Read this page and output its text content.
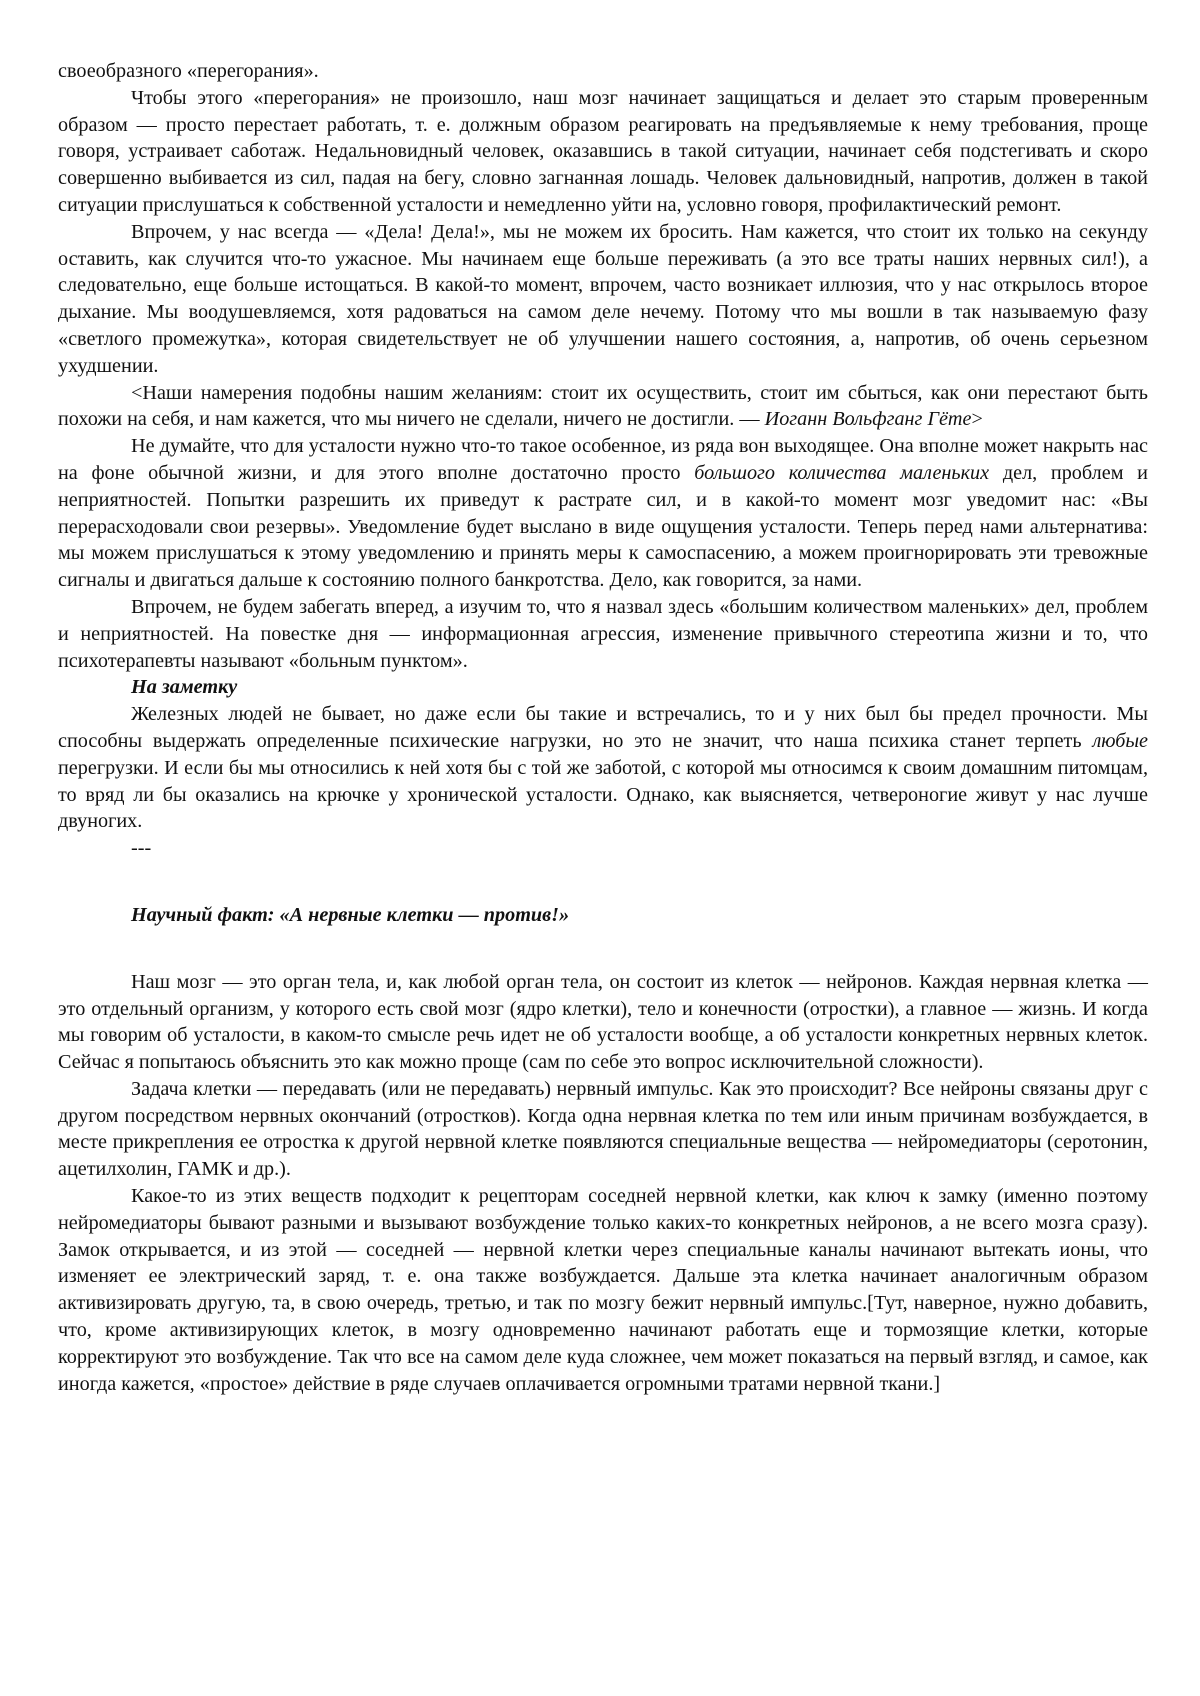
своеобразного «перегорания».

Чтобы этого «перегорания» не произошло, наш мозг начинает защищаться и делает это старым проверенным образом — просто перестает работать, т. е. должным образом реагировать на предъявляемые к нему требования, проще говоря, устраивает саботаж. Недальновидный человек, оказавшись в такой ситуации, начинает себя подстегивать и скоро совершенно выбивается из сил, падая на бегу, словно загнанная лошадь. Человек дальновидный, напротив, должен в такой ситуации прислушаться к собственной усталости и немедленно уйти на, условно говоря, профилактический ремонт.

Впрочем, у нас всегда — «Дела! Дела!», мы не можем их бросить. Нам кажется, что стоит их только на секунду оставить, как случится что-то ужасное. Мы начинаем еще больше переживать (а это все траты наших нервных сил!), а следовательно, еще больше истощаться. В какой-то момент, впрочем, часто возникает иллюзия, что у нас открылось второе дыхание. Мы воодушевляемся, хотя радоваться на самом деле нечему. Потому что мы вошли в так называемую фазу «светлого промежутка», которая свидетельствует не об улучшении нашего состояния, а, напротив, об очень серьезном ухудшении.

<Наши намерения подобны нашим желаниям: стоит их осуществить, стоит им сбыться, как они перестают быть похожи на себя, и нам кажется, что мы ничего не сделали, ничего не достигли. — Иоганн Вольфганг Гёте>

Не думайте, что для усталости нужно что-то такое особенное, из ряда вон выходящее. Она вполне может накрыть нас на фоне обычной жизни, и для этого вполне достаточно просто большого количества маленьких дел, проблем и неприятностей. Попытки разрешить их приведут к растрате сил, и в какой-то момент мозг уведомит нас: «Вы перерасходовали свои резервы». Уведомление будет выслано в виде ощущения усталости. Теперь перед нами альтернатива: мы можем прислушаться к этому уведомлению и принять меры к самоспасению, а можем проигнорировать эти тревожные сигналы и двигаться дальше к состоянию полного банкротства. Дело, как говорится, за нами.

Впрочем, не будем забегать вперед, а изучим то, что я назвал здесь «большим количеством маленьких» дел, проблем и неприятностей. На повестке дня — информационная агрессия, изменение привычного стереотипа жизни и то, что психотерапевты называют «больным пунктом».

На заметку

Железных людей не бывает, но даже если бы такие и встречались, то и у них был бы предел прочности. Мы способны выдержать определенные психические нагрузки, но это не значит, что наша психика станет терпеть любые перегрузки. И если бы мы относились к ней хотя бы с той же заботой, с которой мы относимся к своим домашним питомцам, то вряд ли бы оказались на крючке у хронической усталости. Однако, как выясняется, четвероногие живут у нас лучше двуногих.

---
Научный факт: «А нервные клетки — против!»

Наш мозг — это орган тела, и, как любой орган тела, он состоит из клеток — нейронов. Каждая нервная клетка — это отдельный организм, у которого есть свой мозг (ядро клетки), тело и конечности (отростки), а главное — жизнь. И когда мы говорим об усталости, в каком-то смысле речь идет не об усталости вообще, а об усталости конкретных нервных клеток. Сейчас я попытаюсь объяснить это как можно проще (сам по себе это вопрос исключительной сложности).

Задача клетки — передавать (или не передавать) нервный импульс. Как это происходит? Все нейроны связаны друг с другом посредством нервных окончаний (отростков). Когда одна нервная клетка по тем или иным причинам возбуждается, в месте прикрепления ее отростка к другой нервной клетке появляются специальные вещества — нейромедиаторы (серотонин, ацетилхолин, ГАМК и др.).

Какое-то из этих веществ подходит к рецепторам соседней нервной клетки, как ключ к замку (именно поэтому нейромедиаторы бывают разными и вызывают возбуждение только каких-то конкретных нейронов, а не всего мозга сразу). Замок открывается, и из этой — соседней — нервной клетки через специальные каналы начинают вытекать ионы, что изменяет ее электрический заряд, т. е. она также возбуждается. Дальше эта клетка начинает аналогичным образом активизировать другую, та, в свою очередь, третью, и так по мозгу бежит нервный импульс.[Тут, наверное, нужно добавить, что, кроме активизирующих клеток, в мозгу одновременно начинают работать еще и тормозящие клетки, которые корректируют это возбуждение. Так что все на самом деле куда сложнее, чем может показаться на первый взгляд, и самое, как иногда кажется, «простое» действие в ряде случаев оплачивается огромными тратами нервной ткани.]
